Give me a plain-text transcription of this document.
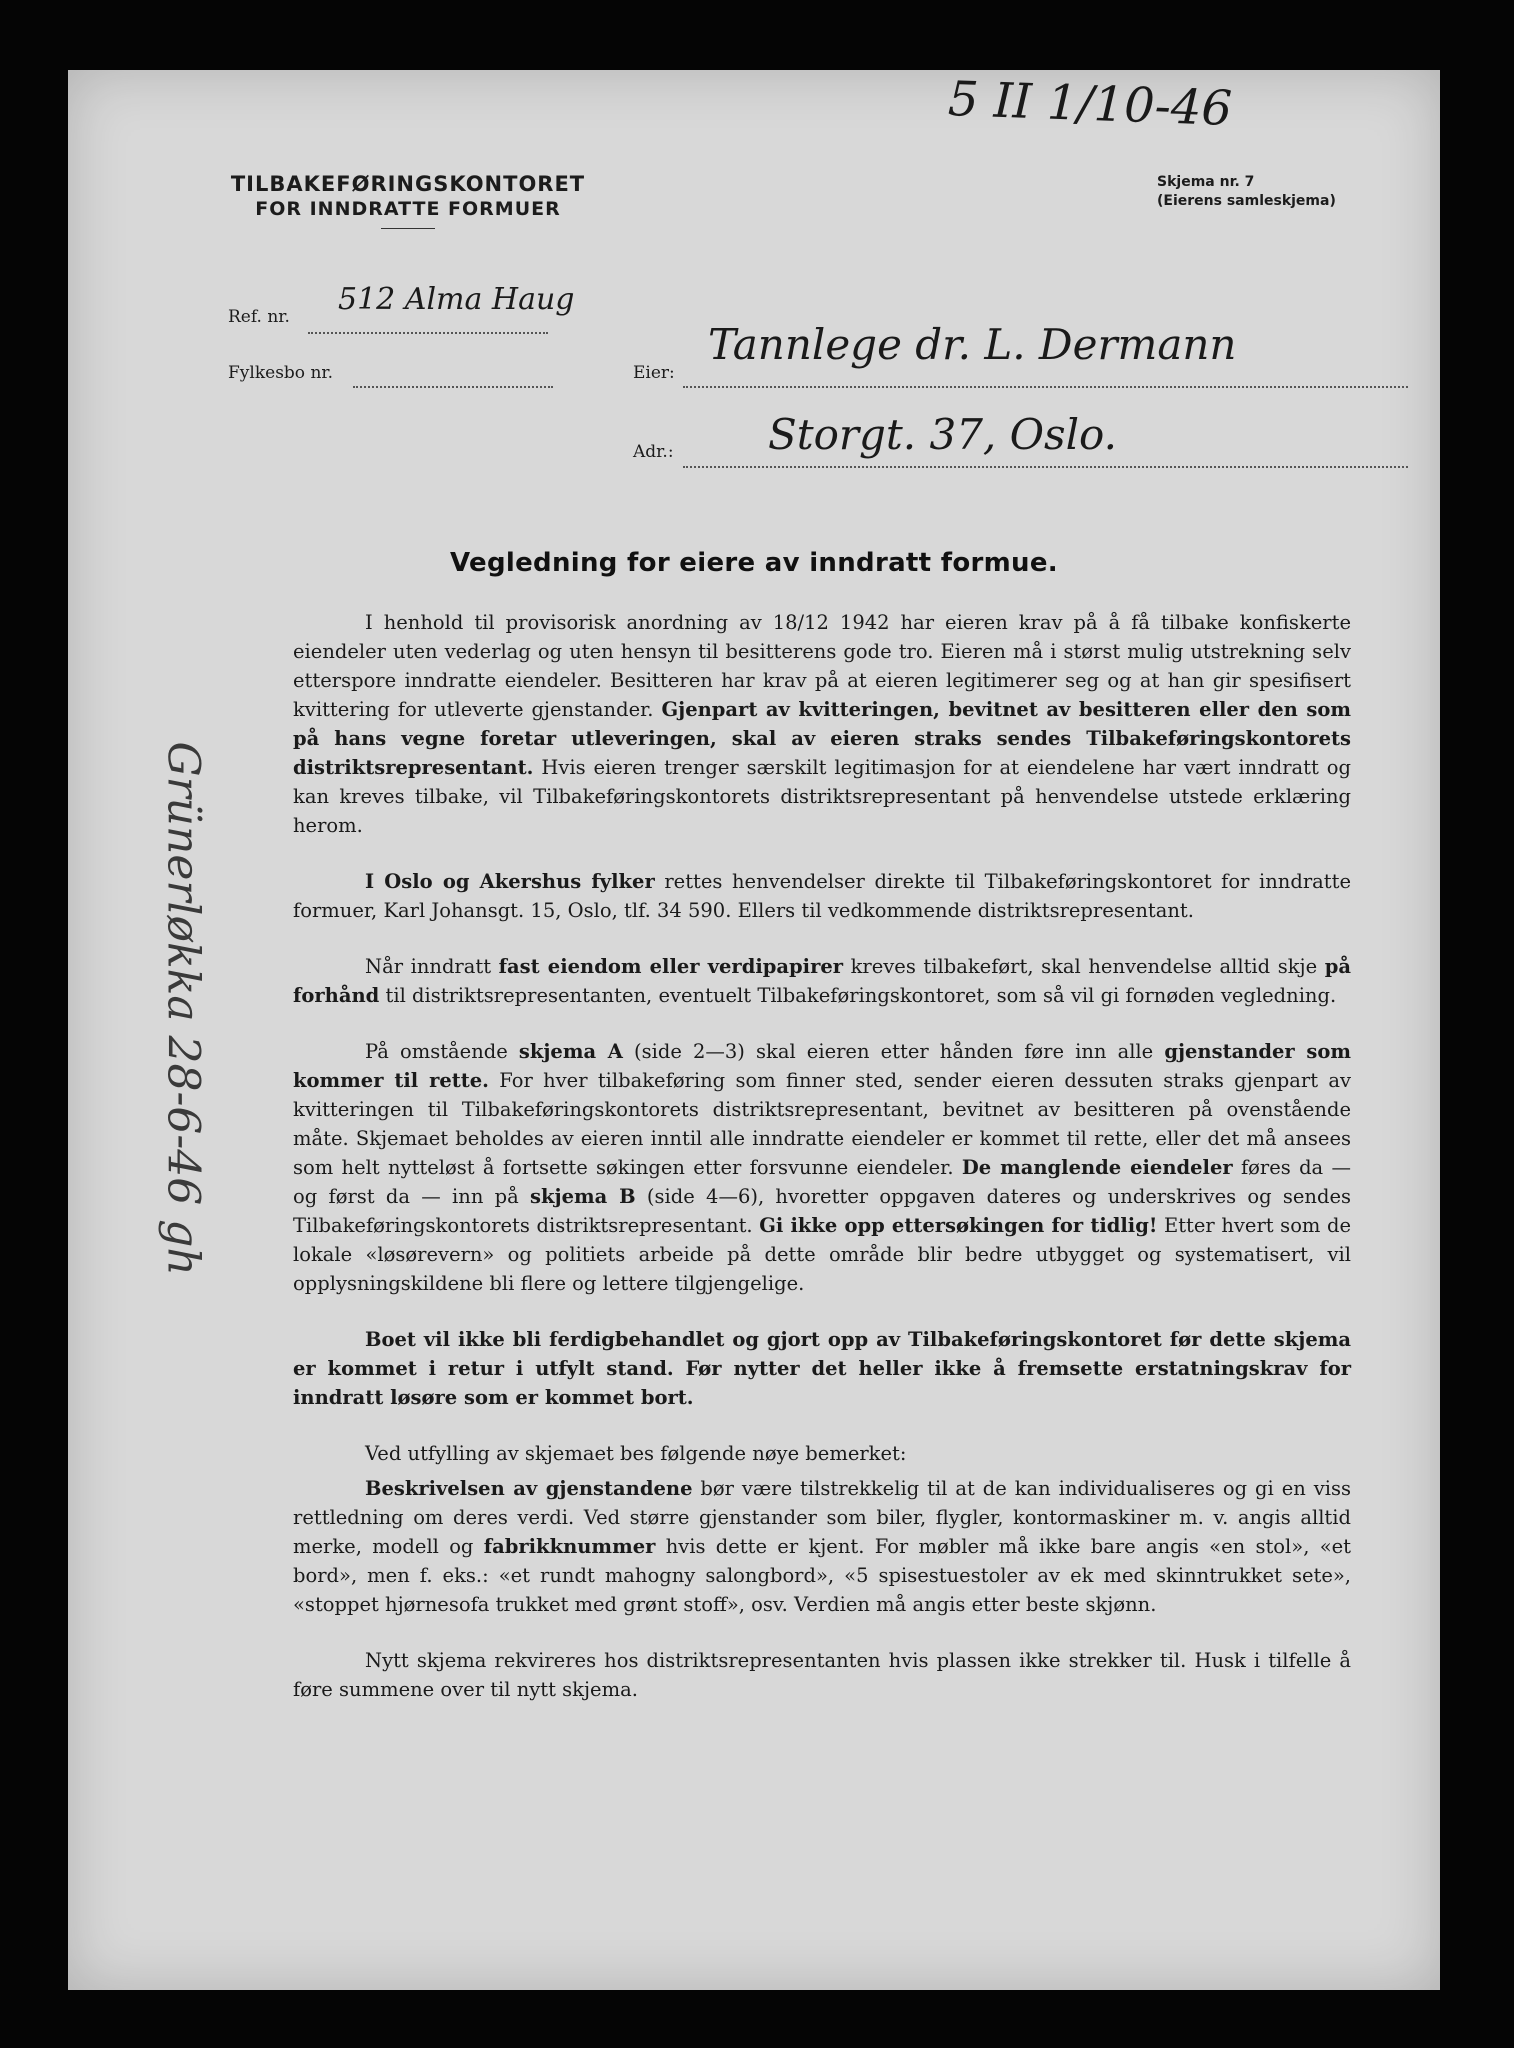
5 II 1/10-46
TILBAKEFØRINGSKONTORET
FOR INNDRATTE FORMUER
Skjema nr. 7
(Eierens samleskjema)
Ref. nr. 512 Alma Haug
Fylkesbo nr.	Eier:
Tannlege dr. L. Dermann
Adr.: Storgt. 37, Oslo.
Grünerløkka 28-6-46 gh
Vegledning for eiere av inndratt formue.

I henhold til provisorisk anordning av 18/12 1942 har eieren krav på å få tilbake konfiskerte eiendeler uten vederlag og uten hensyn til besitterens gode tro. Eieren må i størst mulig utstrekning selv etterspore inndratte eiendeler. Besitteren har krav på at eieren legitimerer seg og at han gir spesifisert kvittering for utleverte gjenstander. Gjenpart av kvitteringen, bevitnet av besitteren eller den som på hans vegne foretar utleveringen, skal av eieren straks sendes Tilbakeføringskontorets distriktsrepresentant. Hvis eieren trenger særskilt legitimasjon for at eiendelene har vært inndratt og kan kreves tilbake, vil Tilbakeføringskontorets distriktsrepresentant på henvendelse utstede erklæring herom.

I Oslo og Akershus fylker rettes henvendelser direkte til Tilbakeføringskontoret for inndratte formuer, Karl Johansgt. 15, Oslo, tlf. 34 590. Ellers til vedkommende distriktsrepresentant.

Når inndratt fast eiendom eller verdipapirer kreves tilbakeført, skal henvendelse alltid skje på forhånd til distriktsrepresentanten, eventuelt Tilbakeføringskontoret, som så vil gi fornøden vegledning.

På omstående skjema A (side 2—3) skal eieren etter hånden føre inn alle gjenstander som kommer til rette. For hver tilbakeføring som finner sted, sender eieren dessuten straks gjenpart av kvitteringen til Tilbakeføringskontorets distriktsrepresentant, bevitnet av besitteren på ovenstående måte. Skjemaet beholdes av eieren inntil alle inndratte eiendeler er kommet til rette, eller det må ansees som helt nytteløst å fortsette søkingen etter forsvunne eiendeler. De manglende eiendeler føres da — og først da — inn på skjema B (side 4—6), hvoretter oppgaven dateres og underskrives og sendes Tilbakeføringskontorets distriktsrepresentant. Gi ikke opp ettersøkingen for tidlig! Etter hvert som de lokale «løsørevern» og politiets arbeide på dette område blir bedre utbygget og systematisert, vil opplysningskildene bli flere og lettere tilgjengelige.

Boet vil ikke bli ferdigbehandlet og gjort opp av Tilbakeføringskontoret før dette skjema er kommet i retur i utfylt stand. Før nytter det heller ikke å fremsette erstatningskrav for inndratt løsøre som er kommet bort.

Ved utfylling av skjemaet bes følgende nøye bemerket:

Beskrivelsen av gjenstandene bør være tilstrekkelig til at de kan individualiseres og gi en viss rettledning om deres verdi. Ved større gjenstander som biler, flygler, kontormaskiner m. v. angis alltid merke, modell og fabrikknummer hvis dette er kjent. For møbler må ikke bare angis «en stol», «et bord», men f. eks.: «et rundt mahogny salongbord», «5 spisestuestoler av ek med skinntrukket sete», «stoppet hjørnesofa trukket med grønt stoff», osv. Verdien må angis etter beste skjønn.

Nytt skjema rekvireres hos distriktsrepresentanten hvis plassen ikke strekker til. Husk i tilfelle å føre summene over til nytt skjema.
